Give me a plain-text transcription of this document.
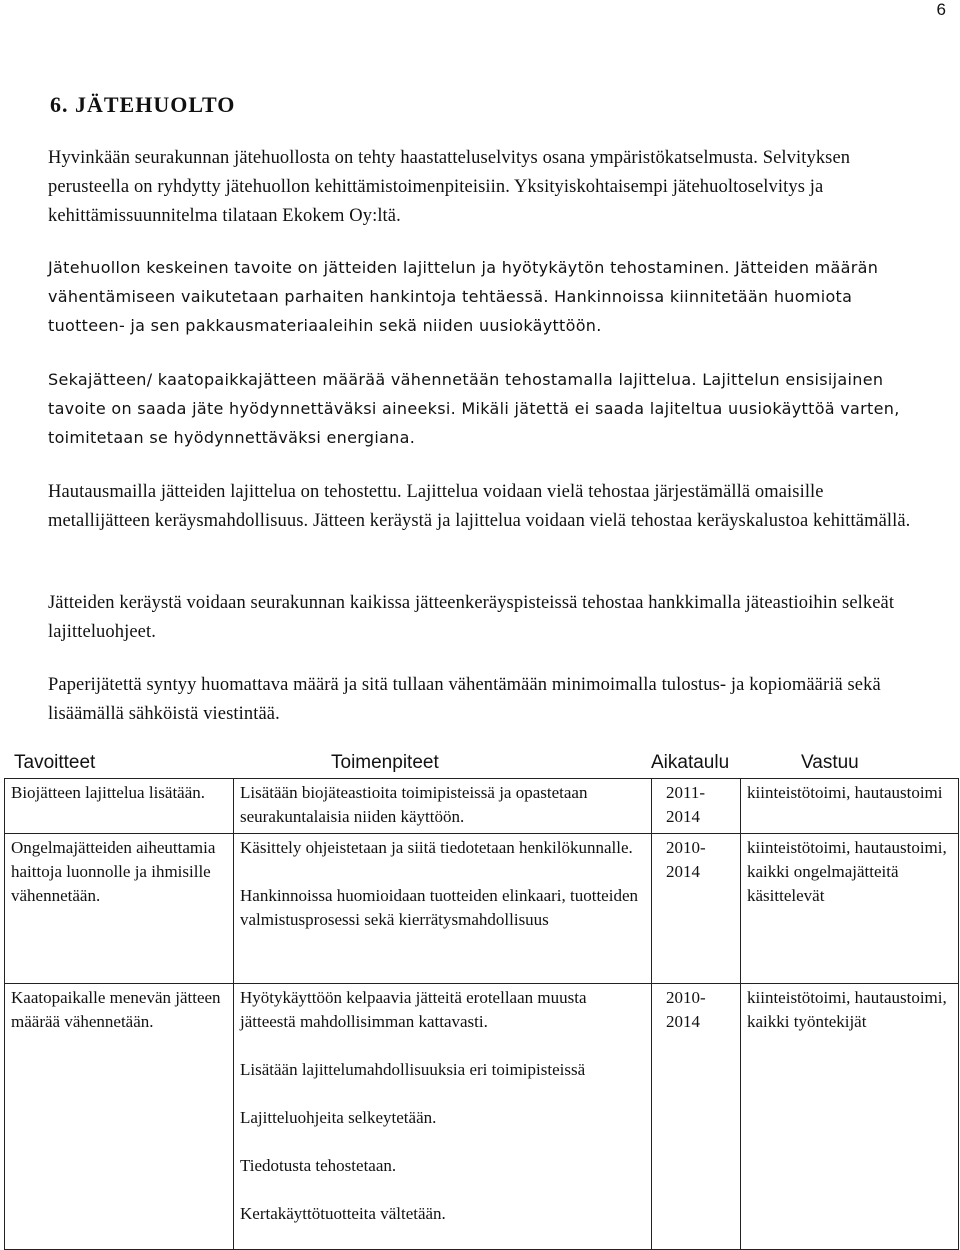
6
6. JÄTEHUOLTO

Hyvinkään seurakunnan jätehuollosta on tehty haastatteluselvitys osana ympäristökatselmusta. Selvityksen perusteella on ryhdytty jätehuollon kehittämistoimenpiteisiin. Yksityiskohtaisempi jätehuoltoselvitys ja kehittämissuunnitelma tilataan Ekokem Oy:ltä.

Jätehuollon keskeinen tavoite on jätteiden lajittelun ja hyötykäytön tehostaminen. Jätteiden määrän vähentämiseen vaikutetaan parhaiten hankintoja tehtäessä. Hankinnoissa kiinnitetään huomiota tuotteen- ja sen pakkausmateriaaleihin sekä niiden uusiokäyttöön.

Sekajätteen/ kaatopaikkajätteen määrää vähennetään tehostamalla lajittelua. Lajittelun ensisijainen tavoite on saada jäte hyödynnettäväksi aineeksi. Mikäli jätettä ei saada lajiteltua uusiokäyttöä varten, toimitetaan se hyödynnettäväksi energiana.

Hautausmailla jätteiden lajittelua on tehostettu. Lajittelua voidaan vielä tehostaa järjestämällä omaisille metallijätteen keräysmahdollisuus. Jätteen keräystä ja lajittelua voidaan vielä tehostaa keräyskalustoa kehittämällä.

Jätteiden keräystä voidaan seurakunnan kaikissa jätteenkeräyspisteissä tehostaa hankkimalla jäteastioihin selkeät lajitteluohjeet.

Paperijätettä syntyy huomattava määrä ja sitä tullaan vähentämään minimoimalla tulostus- ja kopiomääriä sekä lisäämällä sähköistä viestintää.

Tavoitteet	Toimenpiteet	Aikataulu	Vastuu
Biojätteen lajittelua lisätään.	Lisätään biojäteastioita toimipisteissä ja opastetaan seurakuntalaisia niiden käyttöön.	2011-2014	kiinteistötoimi, hautaustoimi

Ongelmajätteiden aiheuttamia haittoja luonnolle ja ihmisille vähennetään.	Käsittely ohjeistetaan ja siitä tiedotetaan henkilökunnalle.
Hankinnoissa huomioidaan tuotteiden elinkaari, tuotteiden valmistusprosessi sekä kierrätysmahdollisuus	2010-2014	kiinteistötoimi, hautaustoimi, kaikki ongelmajätteitä käsittelevät

Kaatopaikalle menevän jätteen määrää vähennetään.	Hyötykäyttöön kelpaavia jätteitä erotellaan muusta jätteestä mahdollisimman kattavasti.
Lisätään lajittelumahdollisuuksia eri toimipisteissä
Lajitteluohjeita selkeytetään.
Tiedotusta tehostetaan.
Kertakäyttötuotteita vältetään.	2010-2014	kiinteistötoimi, hautaustoimi, kaikki työntekijät
